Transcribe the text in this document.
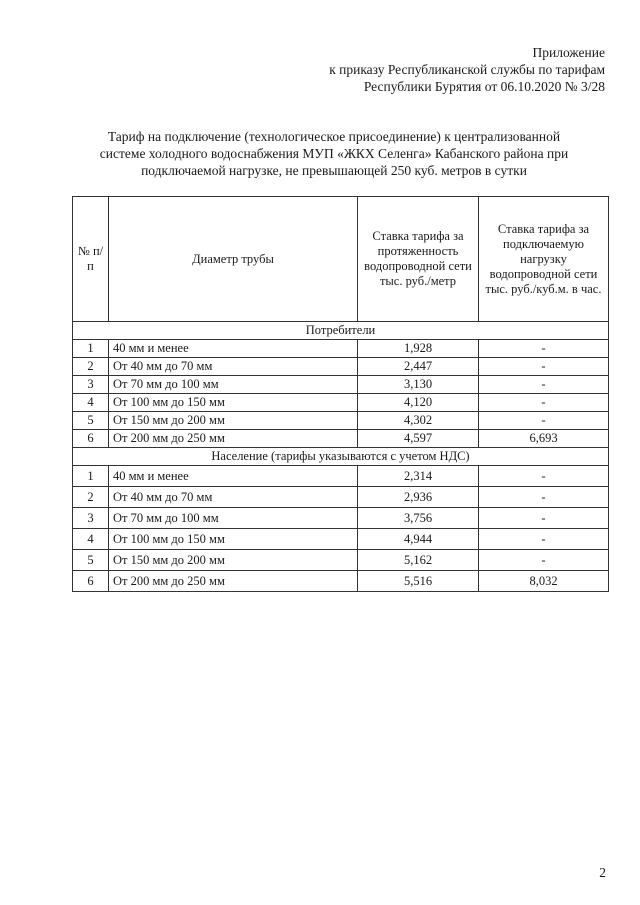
Приложение
к приказу Республиканской службы по тарифам
Республики Бурятия от 06.10.2020 № 3/28
Тариф на подключение (технологическое присоединение) к централизованной
системе холодного водоснабжения МУП «ЖКХ Селенга» Кабанского района при
подключаемой нагрузке, не превышающей 250 куб. метров в сутки
№ п/п	Диаметр трубы	Ставка тарифа за протяженность водопроводной сети тыс. руб./метр	Ставка тарифа за подключаемую нагрузку водопроводной сети тыс. руб./куб.м. в час.
Потребители			
1	40 мм и менее	1,928	-
2	От 40 мм до 70 мм	2,447	-
3	От 70 мм до 100 мм	3,130	-
4	От 100 мм до 150 мм	4,120	-
5	От 150 мм до 200 мм	4,302	-
6	От 200 мм до 250 мм	4,597	6,693
Население (тарифы указываются с учетом НДС)			
1	40 мм и менее	2,314	-
2	От 40 мм до 70 мм	2,936	-
3	От 70 мм до 100 мм	3,756	-
4	От 100 мм до 150 мм	4,944	-
5	От 150 мм до 200 мм	5,162	-
6	От 200 мм до 250 мм	5,516	8,032
2
